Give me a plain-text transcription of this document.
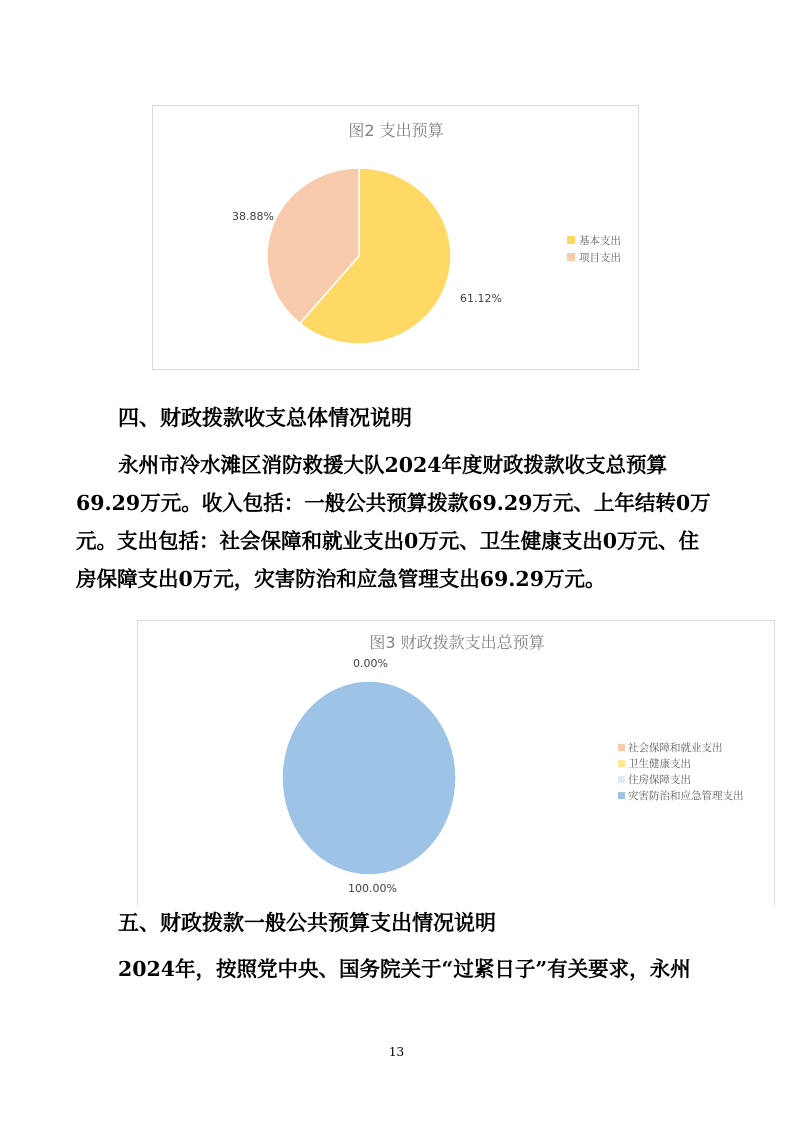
图2 支出预算
61.12%
38.88%
基本支出
项目支出
四、财政拨款收支总体情况说明

永州市冷水滩区消防救援大队2024年度财政拨款收支总预算69.29万元。收入包括：一般公共预算拨款69.29万元、上年结转0万元。支出包括：社会保障和就业支出0万元、卫生健康支出0万元、住房保障支出0万元，灾害防治和应急管理支出69.29万元。

图3 财政拨款支出总预算
0.00%
100.00%
社会保障和就业支出
卫生健康支出
住房保障支出
灾害防治和应急管理支出
五、财政拨款一般公共预算支出情况说明

2024年，按照党中央、国务院关于“过紧日子”有关要求，永州

13
